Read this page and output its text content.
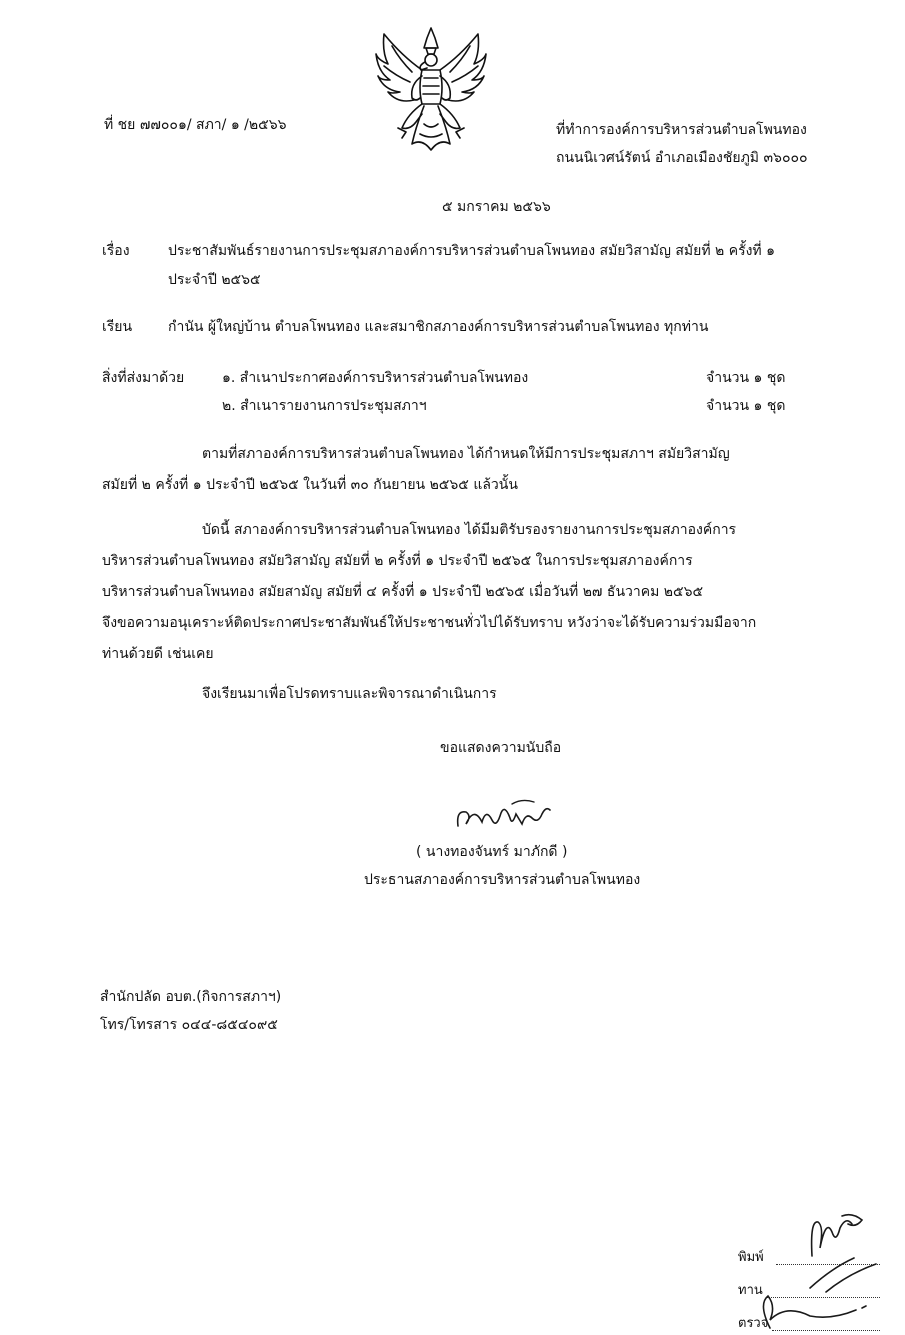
ที่ ชย ๗๗๐๐๑/ สภา/ ๑ /๒๕๖๖	ที่ทำการองค์การบริหารส่วนตำบลโพนทอง
ถนนนิเวศน์รัตน์ อำเภอเมืองชัยภูมิ ๓๖๐๐๐
๕ มกราคม ๒๕๖๖
เรื่อง	ประชาสัมพันธ์รายงานการประชุมสภาองค์การบริหารส่วนตำบลโพนทอง สมัยวิสามัญ สมัยที่ ๒ ครั้งที่ ๑
ประจำปี ๒๕๖๕
เรียน	กำนัน ผู้ใหญ่บ้าน ตำบลโพนทอง และสมาชิกสภาองค์การบริหารส่วนตำบลโพนทอง ทุกท่าน
สิ่งที่ส่งมาด้วย	๑. สำเนาประกาศองค์การบริหารส่วนตำบลโพนทอง	จำนวน ๑ ชุด
๒. สำเนารายงานการประชุมสภาฯ	จำนวน ๑ ชุด
ตามที่สภาองค์การบริหารส่วนตำบลโพนทอง ได้กำหนดให้มีการประชุมสภาฯ สมัยวิสามัญ
สมัยที่ ๒ ครั้งที่ ๑ ประจำปี ๒๕๖๕ ในวันที่ ๓๐ กันยายน ๒๕๖๕ แล้วนั้น
บัดนี้ สภาองค์การบริหารส่วนตำบลโพนทอง ได้มีมติรับรองรายงานการประชุมสภาองค์การ
บริหารส่วนตำบลโพนทอง สมัยวิสามัญ สมัยที่ ๒ ครั้งที่ ๑ ประจำปี ๒๕๖๕ ในการประชุมสภาองค์การ
บริหารส่วนตำบลโพนทอง สมัยสามัญ สมัยที่ ๔ ครั้งที่ ๑ ประจำปี ๒๕๖๕ เมื่อวันที่ ๒๗ ธันวาคม ๒๕๖๕
จึงขอความอนุเคราะห์ติดประกาศประชาสัมพันธ์ให้ประชาชนทั่วไปได้รับทราบ หวังว่าจะได้รับความร่วมมือจาก
ท่านด้วยดี เช่นเคย
จึงเรียนมาเพื่อโปรดทราบและพิจารณาดำเนินการ
ขอแสดงความนับถือ
( นางทองจันทร์ มาภักดี )
ประธานสภาองค์การบริหารส่วนตำบลโพนทอง
สำนักปลัด อบต.(กิจการสภาฯ)
โทร/โทรสาร ๐๔๔-๘๕๔๐๙๕
พิมพ์
ทาน
ตรวจ
